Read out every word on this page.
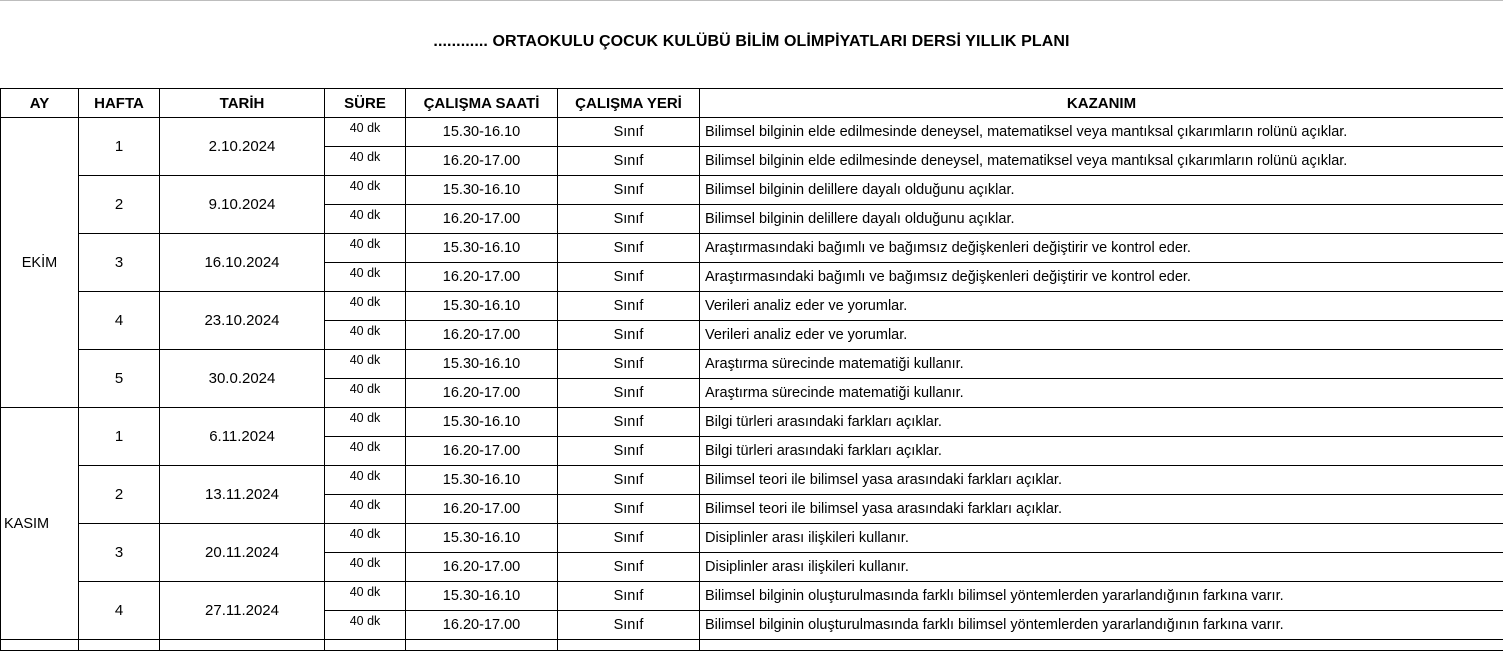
............ ORTAOKULU ÇOCUK KULÜBÜ BİLİM OLİMPİYATLARI DERSİ YILLIK PLANI
AY	HAFTA	TARİH	SÜRE	ÇALIŞMA SAATİ	ÇALIŞMA YERİ	KAZANIM
EKİM	1	2.10.2024	40 dk	15.30-16.10	Sınıf	Bilimsel bilginin elde edilmesinde deneysel, matematiksel veya mantıksal çıkarımların rolünü açıklar.
			40 dk	16.20-17.00	Sınıf	Bilimsel bilginin elde edilmesinde deneysel, matematiksel veya mantıksal çıkarımların rolünü açıklar.
	2	9.10.2024	40 dk	15.30-16.10	Sınıf	Bilimsel bilginin delillere dayalı olduğunu açıklar.
			40 dk	16.20-17.00	Sınıf	Bilimsel bilginin delillere dayalı olduğunu açıklar.
	3	16.10.2024	40 dk	15.30-16.10	Sınıf	Araştırmasındaki bağımlı ve bağımsız değişkenleri değiştirir ve kontrol eder.
			40 dk	16.20-17.00	Sınıf	Araştırmasındaki bağımlı ve bağımsız değişkenleri değiştirir ve kontrol eder.
	4	23.10.2024	40 dk	15.30-16.10	Sınıf	Verileri analiz eder ve yorumlar.
			40 dk	16.20-17.00	Sınıf	Verileri analiz eder ve yorumlar.
	5	30.0.2024	40 dk	15.30-16.10	Sınıf	Araştırma sürecinde matematiği kullanır.
			40 dk	16.20-17.00	Sınıf	Araştırma sürecinde matematiği kullanır.
KASIM	1	6.11.2024	40 dk	15.30-16.10	Sınıf	Bilgi türleri arasındaki farkları açıklar.
			40 dk	16.20-17.00	Sınıf	Bilgi türleri arasındaki farkları açıklar.
	2	13.11.2024	40 dk	15.30-16.10	Sınıf	Bilimsel teori ile bilimsel yasa arasındaki farkları açıklar.
			40 dk	16.20-17.00	Sınıf	Bilimsel teori ile bilimsel yasa arasındaki farkları açıklar.
	3	20.11.2024	40 dk	15.30-16.10	Sınıf	Disiplinler arası ilişkileri kullanır.
			40 dk	16.20-17.00	Sınıf	Disiplinler arası ilişkileri kullanır.
	4	27.11.2024	40 dk	15.30-16.10	Sınıf	Bilimsel bilginin oluşturulmasında farklı bilimsel yöntemlerden yararlandığının farkına varır.
			40 dk	16.20-17.00	Sınıf	Bilimsel bilginin oluşturulmasında farklı bilimsel yöntemlerden yararlandığının farkına varır.
